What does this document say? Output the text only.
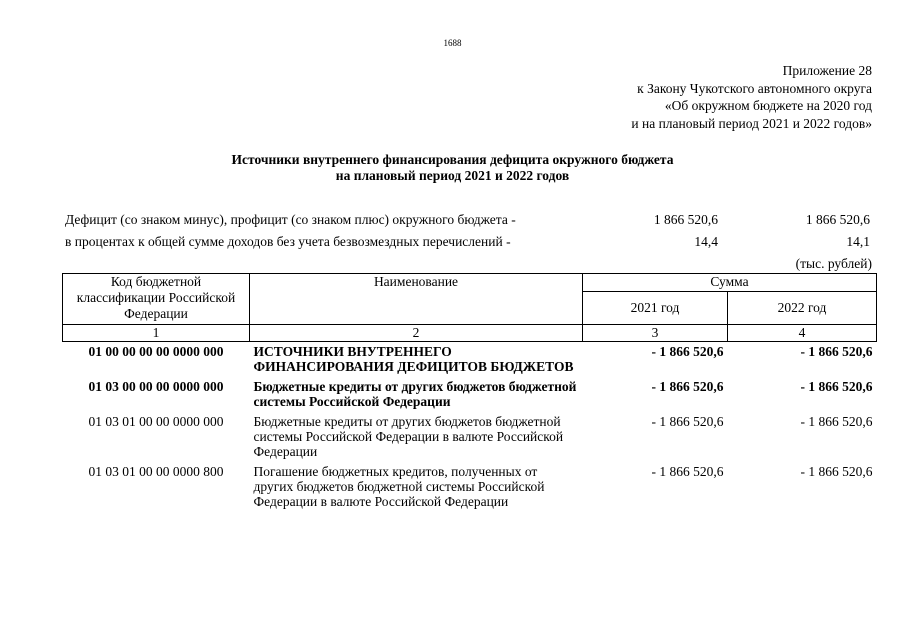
1688
Приложение 28
к Закону Чукотского автономного округа
«Об окружном бюджете на 2020 год
и на плановый период 2021 и 2022 годов»
Источники внутреннего финансирования дефицита окружного бюджета
на плановый период 2021 и 2022 годов
Дефицит (со знаком минус), профицит (со знаком плюс) окружного бюджета -	1 866 520,6	1 866 520,6
в процентах к общей сумме доходов без учета безвозмездных перечислений -	14,4	14,1
(тыс. рублей)
Код бюджетной классификации Российской Федерации	Наименование	Сумма	
		2021 год	2022 год
1	2	3	4
01 00 00 00 00 0000 000	ИСТОЧНИКИ ВНУТРЕННЕГО ФИНАНСИРОВАНИЯ ДЕФИЦИТОВ БЮДЖЕТОВ	- 1 866 520,6	- 1 866 520,6
01 03 00 00 00 0000 000	Бюджетные кредиты от других бюджетов бюджетной системы Российской Федерации	- 1 866 520,6	- 1 866 520,6
01 03 01 00 00 0000 000	Бюджетные кредиты от других бюджетов бюджетной системы Российской Федерации в валюте Российской Федерации	- 1 866 520,6	- 1 866 520,6
01 03 01 00 00 0000 800	Погашение бюджетных кредитов, полученных от других бюджетов бюджетной системы Российской Федерации в валюте Российской Федерации	- 1 866 520,6	- 1 866 520,6
